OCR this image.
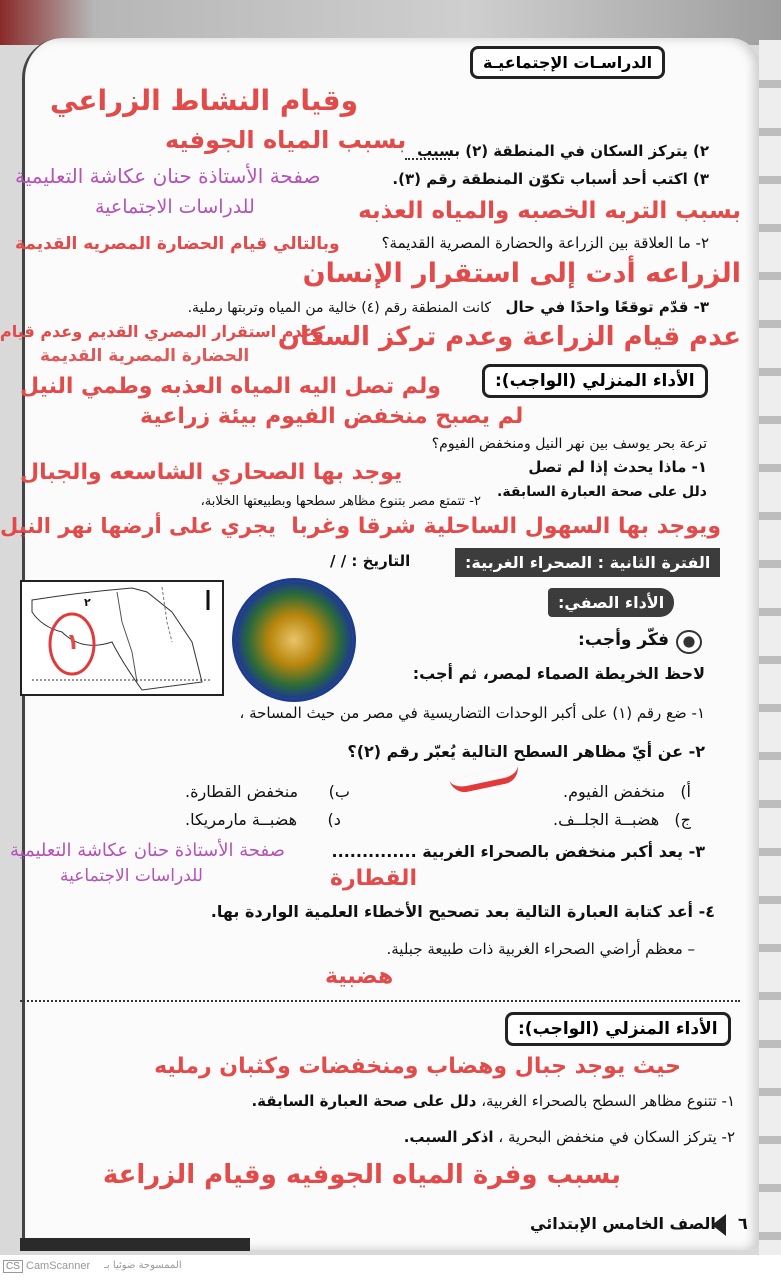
الدراسـات الإجتماعيـة
وقيام النشاط الزراعي
بسبب المياه الجوفيه ٢) يتركز السكان في المنطقة (٢) بسبب
صفحة الأستاذة حنان عكاشة التعليمية	٣) اكتب أحد أسباب تكوّن المنطقة رقم (٣).
للدراسات الاجتماعية	بسبب التربه الخصبه والمياه العذبه
٢- ما العلاقة بين الزراعة والحضارة المصرية القديمة؟
وبالتالي قيام الحضارة المصريه القديمة
الزراعه أدت إلى استقرار الإنسان
٣- قدّم توقعًا واحدًا في حال
كانت المنطقة رقم (٤) خالية من المياه وتربتها رملية.
وعدم استقرار المصري القديم وعدم قيام
عدم قيام الزراعة وعدم تركز السكان
الحضارة المصرية القديمة
الأداء المنزلي (الواجب):
ولم تصل اليه المياه العذبه وطمي النيل
لم يصبح منخفض الفيوم بيئة زراعية
ترعة بحر يوسف بين نهر النيل ومنخفض الفيوم؟
١- ماذا يحدث إذا لم تصل
يوجد بها الصحاري الشاسعه والجبال
دلل على صحة العبارة السابقة.
٢- تتمتع مصر بتنوع مظاهر سطحها وبطبيعتها الخلابة،
يجري على أرضها نهر النيل ويوجد بها السهول الساحلية شرقا وغربا
الفترة الثانية : الصحراء الغربية:
التاريخ : / /
٢
١
الأداء الصفي:
فكّر وأجب:
لاحظ الخريطة الصماء لمصر، ثم أجب:
١- ضع رقم (١) على أكبر الوحدات التضاريسية في مصر من حيث المساحة ،
٢- عن أيّ مظاهر السطح التالية يُعبّر رقم (٢)؟
أ)   منخفض الفيوم.
ب)      منخفض القطارة.
ج)   هضبــة الجلــف.
د)      هضبــة مارمريكا.
صفحة الأستاذة حنان عكاشة التعليمية	٣- يعد أكبر منخفض بالصحراء الغربية ..............
للدراسات الاجتماعية	القطارة
٤- أعد كتابة العبارة التالية بعد تصحيح الأخطاء العلمية الواردة بها.
– معظم أراضي الصحراء الغربية ذات طبيعة جبلية.
هضبية
الأداء المنزلي (الواجب):
حيث يوجد جبال وهضاب ومنخفضات وكثبان رمليه
١- تتنوع مظاهر السطح بالصحراء الغربية، دلل على صحة العبارة السابقة.
٢- يتركز السكان في منخفض البحرية ، اذكر السبب.
بسبب وفرة المياه الجوفيه وقيام الزراعة
الصف الخامس الإبتدائي ٦
CS CamScanner الممسوحة ضوئيا بـ
